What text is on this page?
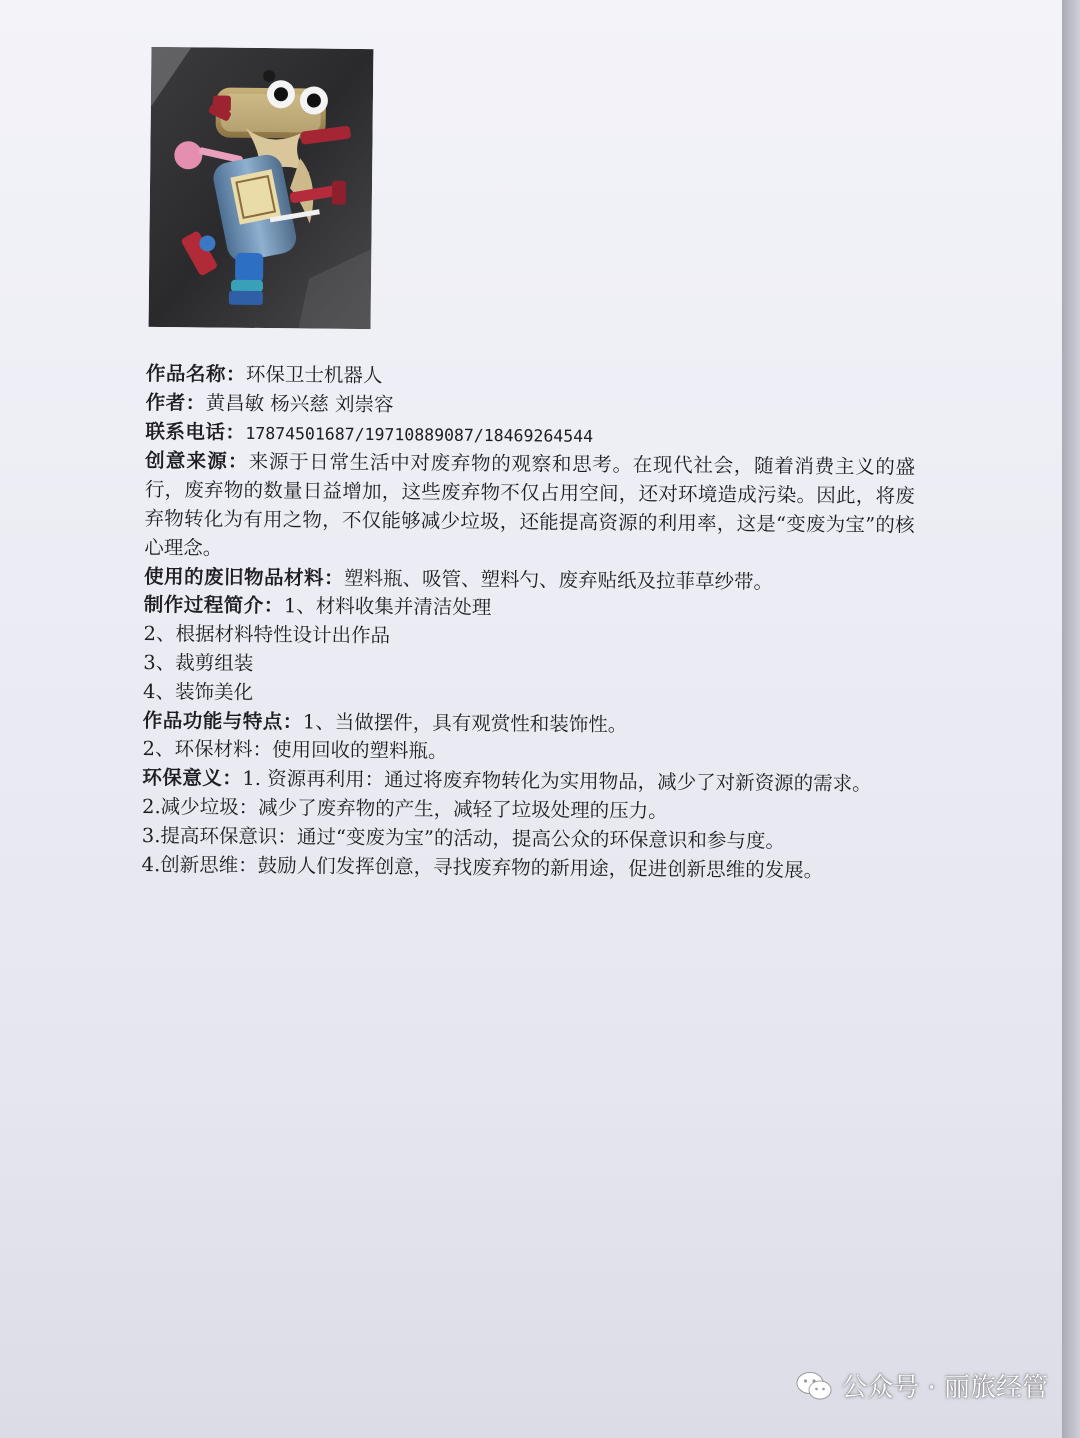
作品名称：环保卫士机器人

作者：黄昌敏 杨兴慈 刘崇容

联系电话：17874501687/19710889087/18469264544

创意来源：来源于日常生活中对废弃物的观察和思考。在现代社会，随着消费主义的盛行，废弃物的数量日益增加，这些废弃物不仅占用空间，还对环境造成污染。因此，将废弃物转化为有用之物，不仅能够减少垃圾，还能提高资源的利用率，这是“变废为宝”的核心理念。

使用的废旧物品材料：塑料瓶、吸管、塑料勺、废弃贴纸及拉菲草纱带。

制作过程简介：1、材料收集并清洁处理

2、根据材料特性设计出作品

3、裁剪组装

4、装饰美化

作品功能与特点：1、当做摆件，具有观赏性和装饰性。

2、环保材料：使用回收的塑料瓶。

环保意义：1. 资源再利用：通过将废弃物转化为实用物品，减少了对新资源的需求。

2.减少垃圾：减少了废弃物的产生，减轻了垃圾处理的压力。

3.提高环保意识：通过“变废为宝”的活动，提高公众的环保意识和参与度。

4.创新思维：鼓励人们发挥创意，寻找废弃物的新用途，促进创新思维的发展。

公众号 · 丽旅经管
